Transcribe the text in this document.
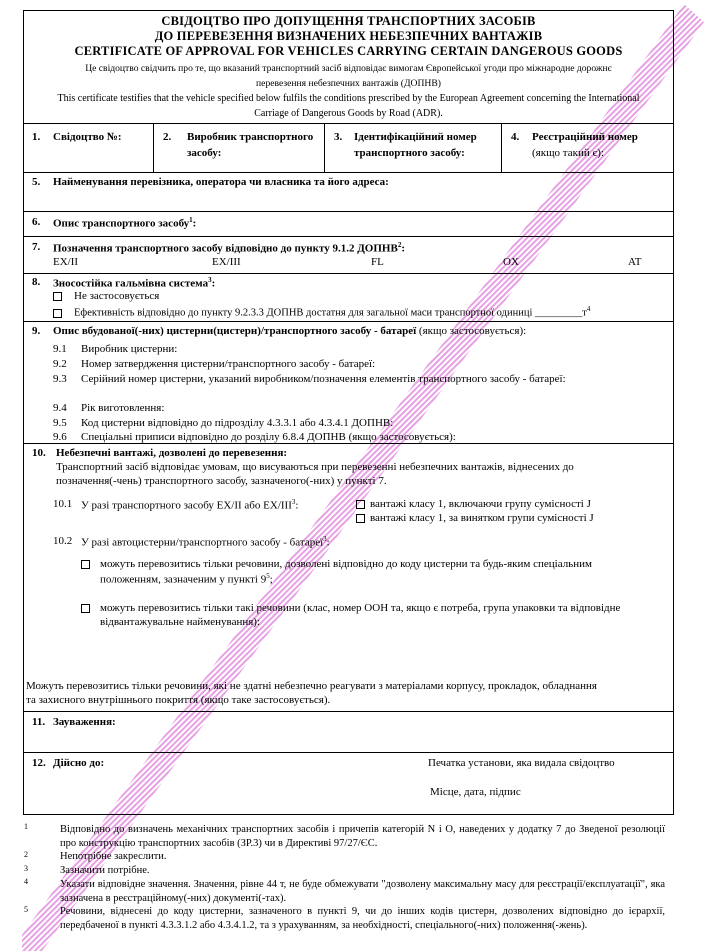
СВІДОЦТВО ПРО ДОПУЩЕННЯ ТРАНСПОРТНИХ ЗАСОБІВ
ДО ПЕРЕВЕЗЕННЯ ВИЗНАЧЕНИХ НЕБЕЗПЕЧНИХ ВАНТАЖІВ
CERTIFICATE OF APPROVAL FOR VEHICLES CARRYING CERTAIN DANGEROUS GOODS
Це свідоцтво свідчить про те, що вказаний транспортний засіб відповідає вимогам Європейської угоди про міжнародне дорожнє
перевезення небезпечних вантажів (ДОПНВ)
This certificate testifies that the vehicle specified below fulfils the conditions prescribed by the European Agreement concerning the International
Carriage of Dangerous Goods by Road (ADR).
1. Свідоцтво №:	2. Виробник транспортного
засобу:
3. Ідентифікаційний номер
транспортного засобу:
4. Реєстраційний номер
(якщо такий є):
5. Найменування перевізника, оператора чи власника та його адреса:
6. Опис транспортного засобу$^1$:
7. Позначення транспортного засобу відповідно до пункту 9.1.2 ДОПНВ$^2$:
EX/II	EX/III	FL	OX	AT
8. Зносостійка гальмівна система$^3$:
Не застосовується
Ефективність відповідно до пункту 9.2.3.3 ДОПНВ достатня для загальної маси транспортної одиниці $\_\_\_\_\_\_\_\_\_т^4$
9. Опис вбудованої(-них) цистерни(цистерн)/транспортного засобу - батареї (якщо застосовується):
9.1 Виробник цистерни:
9.2 Номер затвердження цистерни/транспортного засобу - батареї:
9.3 Серійний номер цистерни, указаний виробником/позначення елементів транспортного засобу - батареї:
9.4 Рік виготовлення:
9.5 Код цистерни відповідно до підрозділу 4.3.3.1 або 4.3.4.1 ДОПНВ:
9.6 Спеціальні приписи відповідно до розділу 6.8.4 ДОПНВ (якщо застосовується):
10. Небезпечні вантажі, дозволені до перевезення:
Транспортний засіб відповідає умовам, що висуваються при перевезенні небезпечних вантажів, віднесених до
позначення(-чень) транспортного засобу, зазначеного(-них) у пункті 7.
10.1 У разі транспортного засобу EX/II або EX/III$^3$:	вантажі класу 1, включаючи групу сумісності J
вантажі класу 1, за винятком групи сумісності J
10.2 У разі автоцистерни/транспортного засобу - батареї$^3$:
можуть перевозитись тільки речовини, дозволені відповідно до коду цистерни та будь-яким спеціальним
положенням, зазначеним у пункті $9^5$;
можуть перевозитись тільки такі речовини (клас, номер ООН та, якщо є потреба, група упаковки та відповідне
відвантажувальне найменування):
Можуть перевозитись тільки речовини, які не здатні небезпечно реагувати з матеріалами корпусу, прокладок, обладнання
та захисного внутрішнього покриття (якщо таке застосовується).
11. Зауваження:
12. Дійсно до:	Печатка установи, яка видала свідоцтво
Місце, дата, підпис
1	Відповідно до визначень механічних транспортних засобів і причепів категорій N і O, наведених у додатку 7 до Зведеної резолюції про конструкцію транспортних засобів (ЗР.3) чи в Директиві 97/27/ЄС.
2	Непотрібне закреслити.
3	Зазначити потрібне.
4	Указати відповідне значення. Значення, рівне 44 т, не буде обмежувати "дозволену максимальну масу для реєстрації/експлуатації", яка зазначена в реєстраційному(-них) документі(-тах).
5	Речовини, віднесені до коду цистерни, зазначеного в пункті 9, чи до інших кодів цистерн, дозволених відповідно до ієрархії, передбаченої в пункті 4.3.3.1.2 або 4.3.4.1.2, та з урахуванням, за необхідності, спеціального(-них) положення(-жень).
